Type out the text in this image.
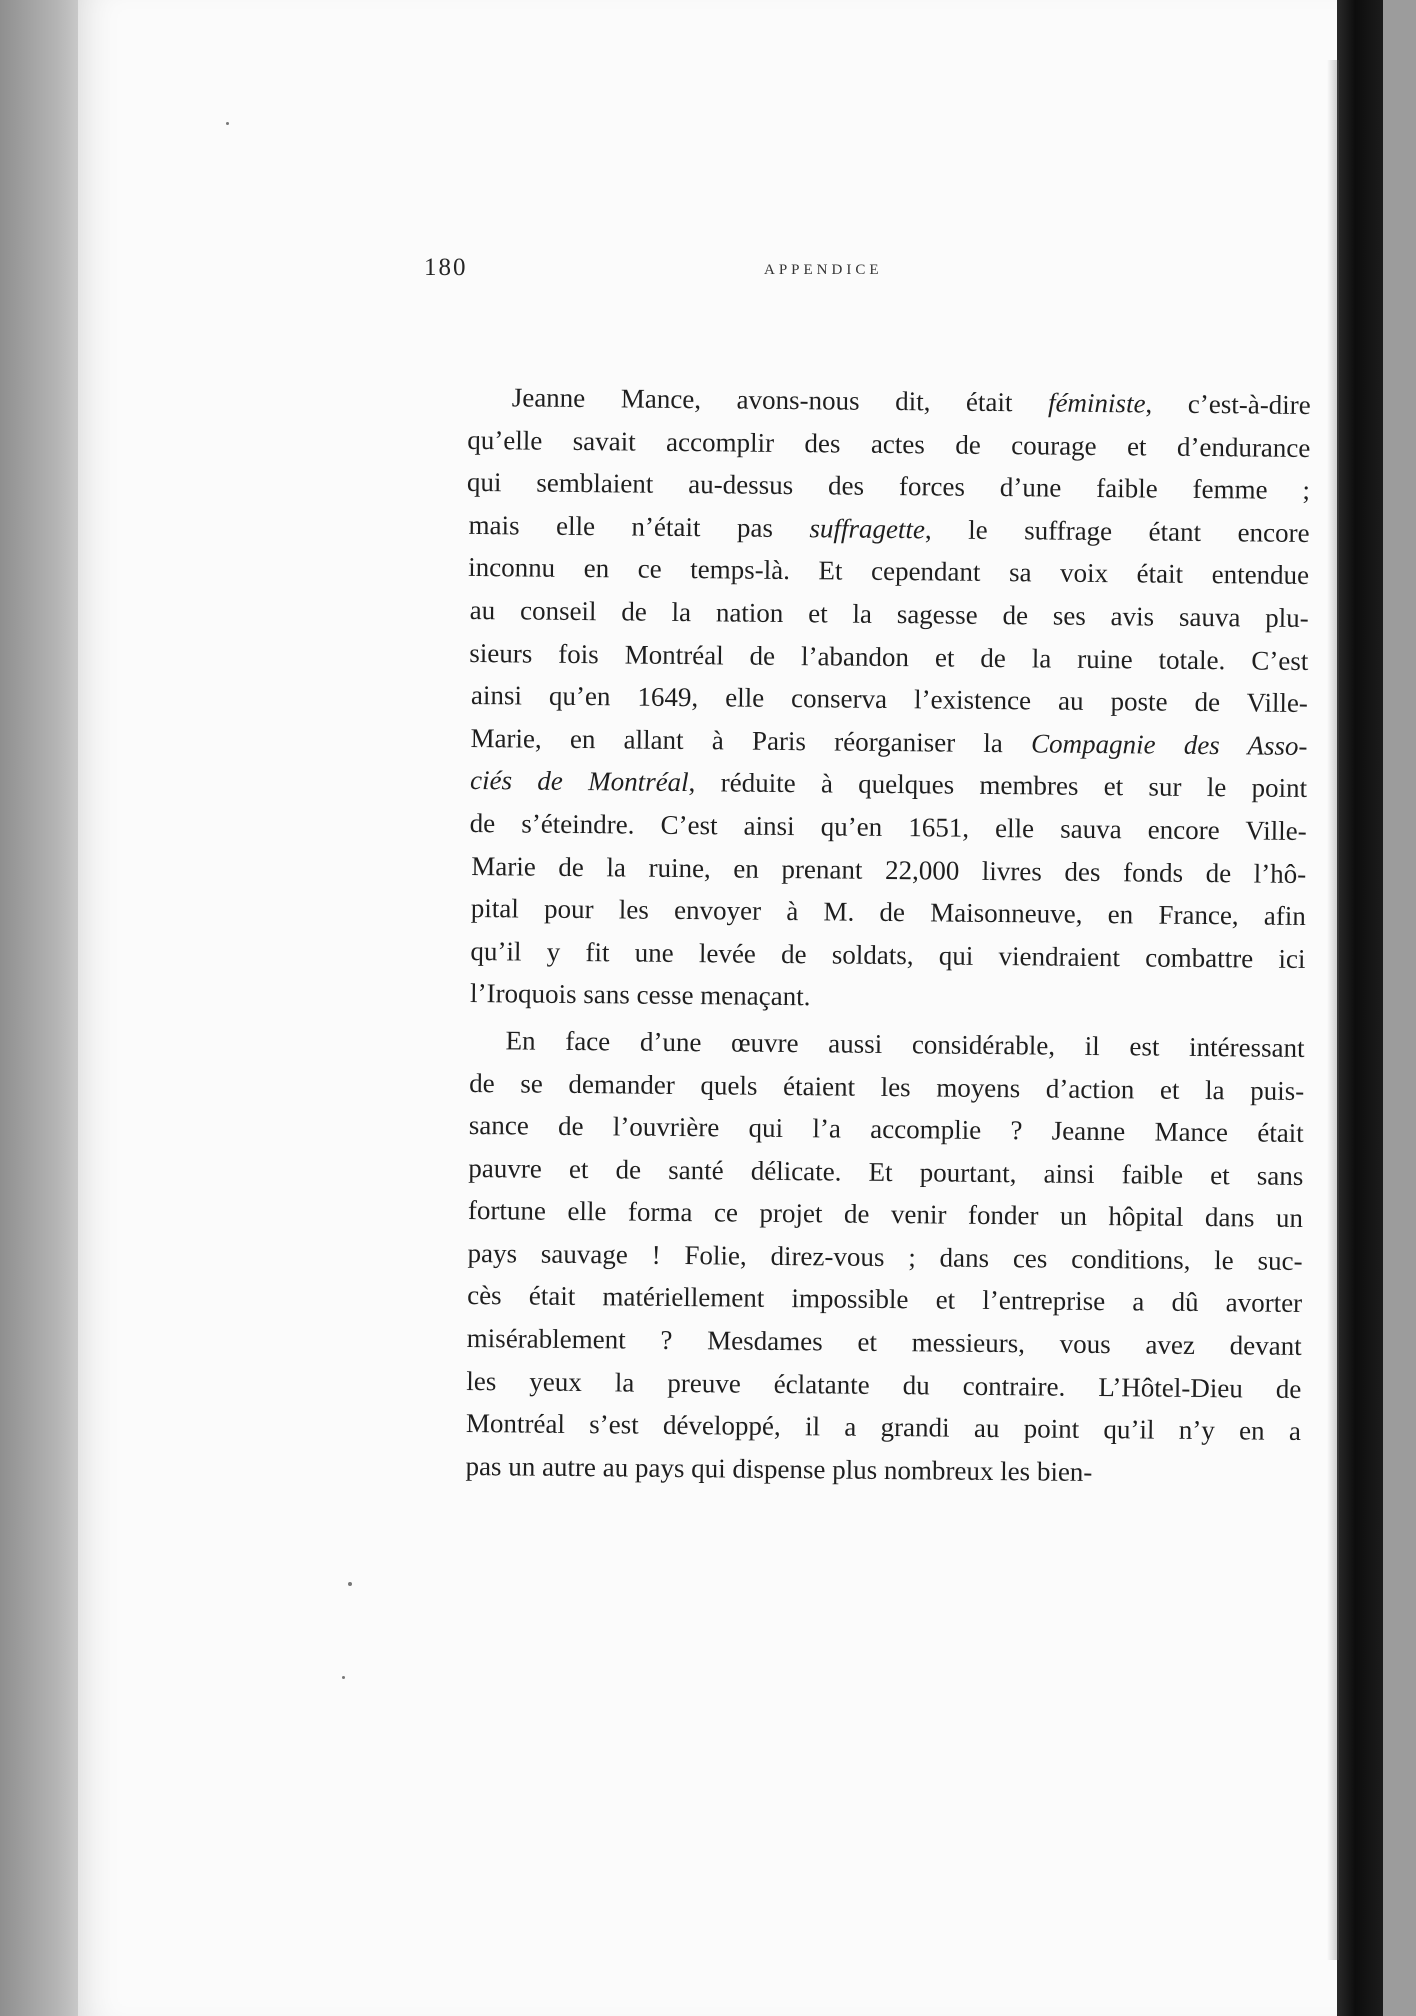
180	APPENDICE
Jeanne Mance, avons-nous dit, était féministe, c’est-à-dire
qu’elle savait accomplir des actes de courage et d’endurance
qui semblaient au-dessus des forces d’une faible femme ;
mais elle n’était pas suffragette, le suffrage étant encore
inconnu en ce temps-là. Et cependant sa voix était entendue
au conseil de la nation et la sagesse de ses avis sauva plu-
sieurs fois Montréal de l’abandon et de la ruine totale. C’est
ainsi qu’en 1649, elle conserva l’existence au poste de Ville-
Marie, en allant à Paris réorganiser la Compagnie des Asso-
ciés de Montréal, réduite à quelques membres et sur le point
de s’éteindre. C’est ainsi qu’en 1651, elle sauva encore Ville-
Marie de la ruine, en prenant 22,000 livres des fonds de l’hô-
pital pour les envoyer à M. de Maisonneuve, en France, afin
qu’il y fit une levée de soldats, qui viendraient combattre ici
l’Iroquois sans cesse menaçant.
En face d’une œuvre aussi considérable, il est intéressant
de se demander quels étaient les moyens d’action et la puis-
sance de l’ouvrière qui l’a accomplie ? Jeanne Mance était
pauvre et de santé délicate. Et pourtant, ainsi faible et sans
fortune elle forma ce projet de venir fonder un hôpital dans un
pays sauvage ! Folie, direz-vous ; dans ces conditions, le suc-
cès était matériellement impossible et l’entreprise a dû avorter
misérablement ? Mesdames et messieurs, vous avez devant
les yeux la preuve éclatante du contraire. L’Hôtel-Dieu de
Montréal s’est développé, il a grandi au point qu’il n’y en a
pas un autre au pays qui dispense plus nombreux les bien-
